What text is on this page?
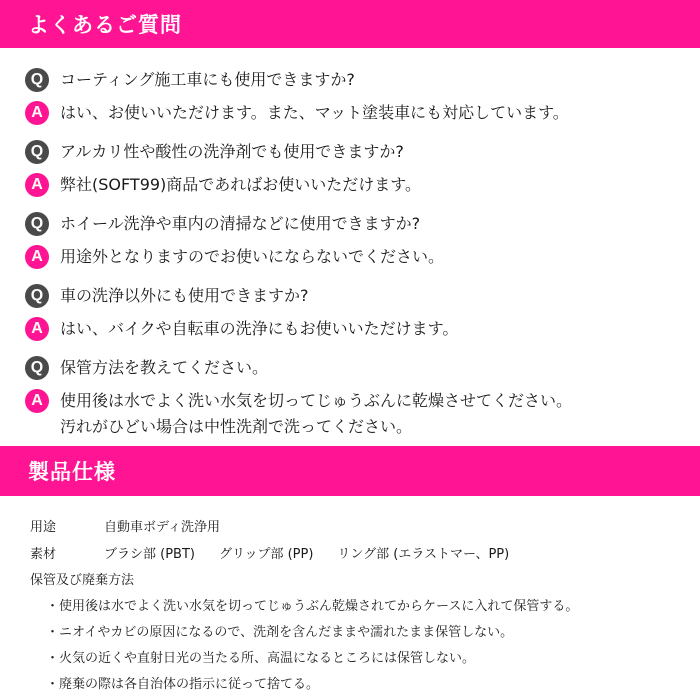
よくあるご質問
Q	コーティング施工車にも使用できますか?
A	はい、お使いいただけます。また、マット塗装車にも対応しています。
Q	アルカリ性や酸性の洗浄剤でも使用できますか?
A	弊社(SOFT99)商品であればお使いいただけます。
Q	ホイール洗浄や車内の清掃などに使用できますか?
A	用途外となりますのでお使いにならないでください。
Q	車の洗浄以外にも使用できますか?
A	はい、バイクや自転車の洗浄にもお使いいただけます。
Q	保管方法を教えてください。
A	使用後は水でよく洗い水気を切ってじゅうぶんに乾燥させてください。
汚れがひどい場合は中性洗剤で洗ってください。
製品仕様
用途	自動車ボディ洗浄用
素材	ブラシ部 (PBT) グリップ部 (PP) リング部 (エラストマー、PP)
保管及び廃棄方法
・使用後は水でよく洗い水気を切ってじゅうぶん乾燥されてからケースに入れて保管する。
・ニオイやカビの原因になるので、洗剤を含んだままや濡れたまま保管しない。
・火気の近くや直射日光の当たる所、高温になるところには保管しない。
・廃棄の際は各自治体の指示に従って捨てる。
